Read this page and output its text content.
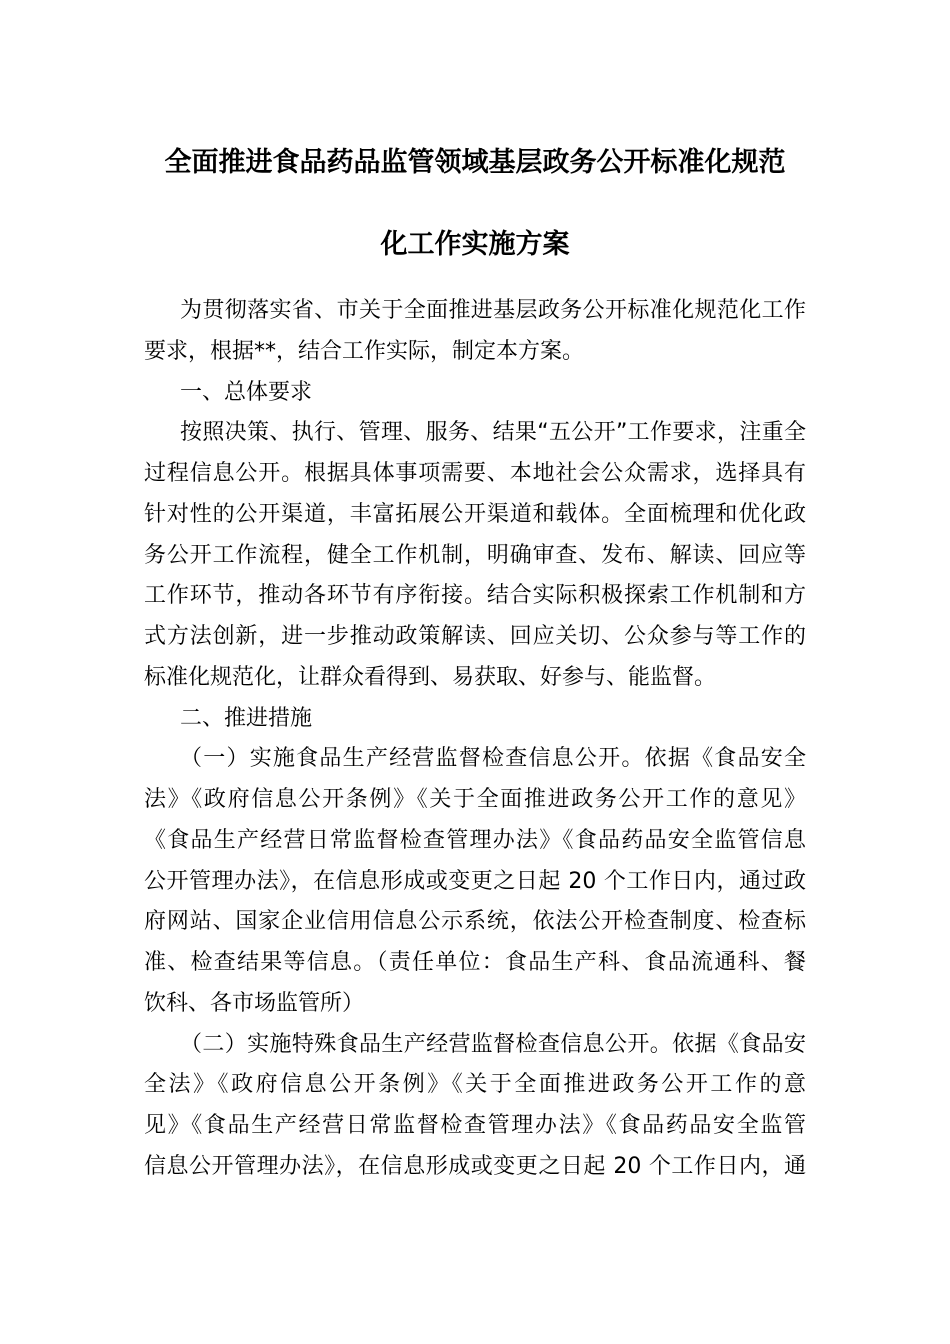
全面推进食品药品监管领域基层政务公开标准化规范
化工作实施方案
为贯彻落实省、市关于全面推进基层政务公开标准化规范化工作
要求，根据**，结合工作实际，制定本方案。
一、总体要求
按照决策、执行、管理、服务、结果“五公开”工作要求，注重全
过程信息公开。根据具体事项需要、本地社会公众需求，选择具有
针对性的公开渠道，丰富拓展公开渠道和载体。全面梳理和优化政
务公开工作流程，健全工作机制，明确审查、发布、解读、回应等
工作环节，推动各环节有序衔接。结合实际积极探索工作机制和方
式方法创新，进一步推动政策解读、回应关切、公众参与等工作的
标准化规范化，让群众看得到、易获取、好参与、能监督。
二、推进措施
（一）实施食品生产经营监督检查信息公开。依据《食品安全
法》《政府信息公开条例》《关于全面推进政务公开工作的意见》
《食品生产经营日常监督检查管理办法》《食品药品安全监管信息
公开管理办法》，在信息形成或变更之日起 20 个工作日内，通过政
府网站、国家企业信用信息公示系统，依法公开检查制度、检查标
准、检查结果等信息。（责任单位：食品生产科、食品流通科、餐
饮科、各市场监管所）
（二）实施特殊食品生产经营监督检查信息公开。依据《食品安
全法》《政府信息公开条例》《关于全面推进政务公开工作的意
见》《食品生产经营日常监督检查管理办法》《食品药品安全监管
信息公开管理办法》，在信息形成或变更之日起 20 个工作日内，通
